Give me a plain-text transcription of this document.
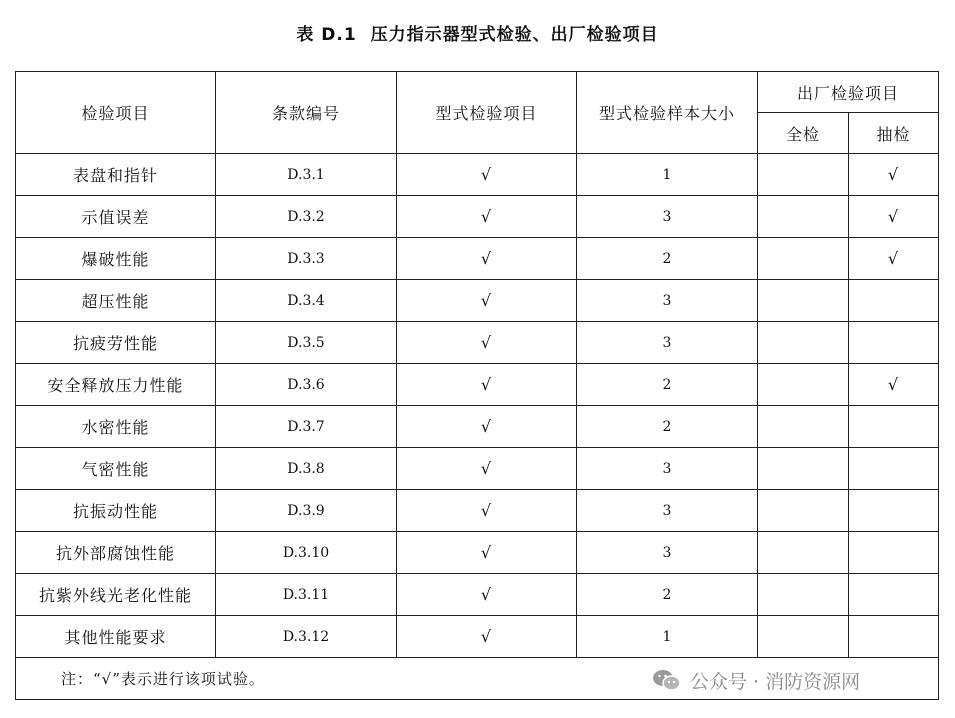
表 D.1 压力指示器型式检验、出厂检验项目
检验项目	条款编号	型式检验项目	型式检验样本大小	出厂检验项目	
				全检	抽检
表盘和指针	D.3.1	√	1		√
示值误差	D.3.2	√	3		√
爆破性能	D.3.3	√	2		√
超压性能	D.3.4	√	3		
抗疲劳性能	D.3.5	√	3		
安全释放压力性能	D.3.6	√	2		√
水密性能	D.3.7	√	2		
气密性能	D.3.8	√	3		
抗振动性能	D.3.9	√	3		
抗外部腐蚀性能	D.3.10	√	3		
抗紫外线光老化性能	D.3.11	√	2		
其他性能要求	D.3.12	√	1		
注：“√”表示进行该项试验。						公众号 · 消防资源网
